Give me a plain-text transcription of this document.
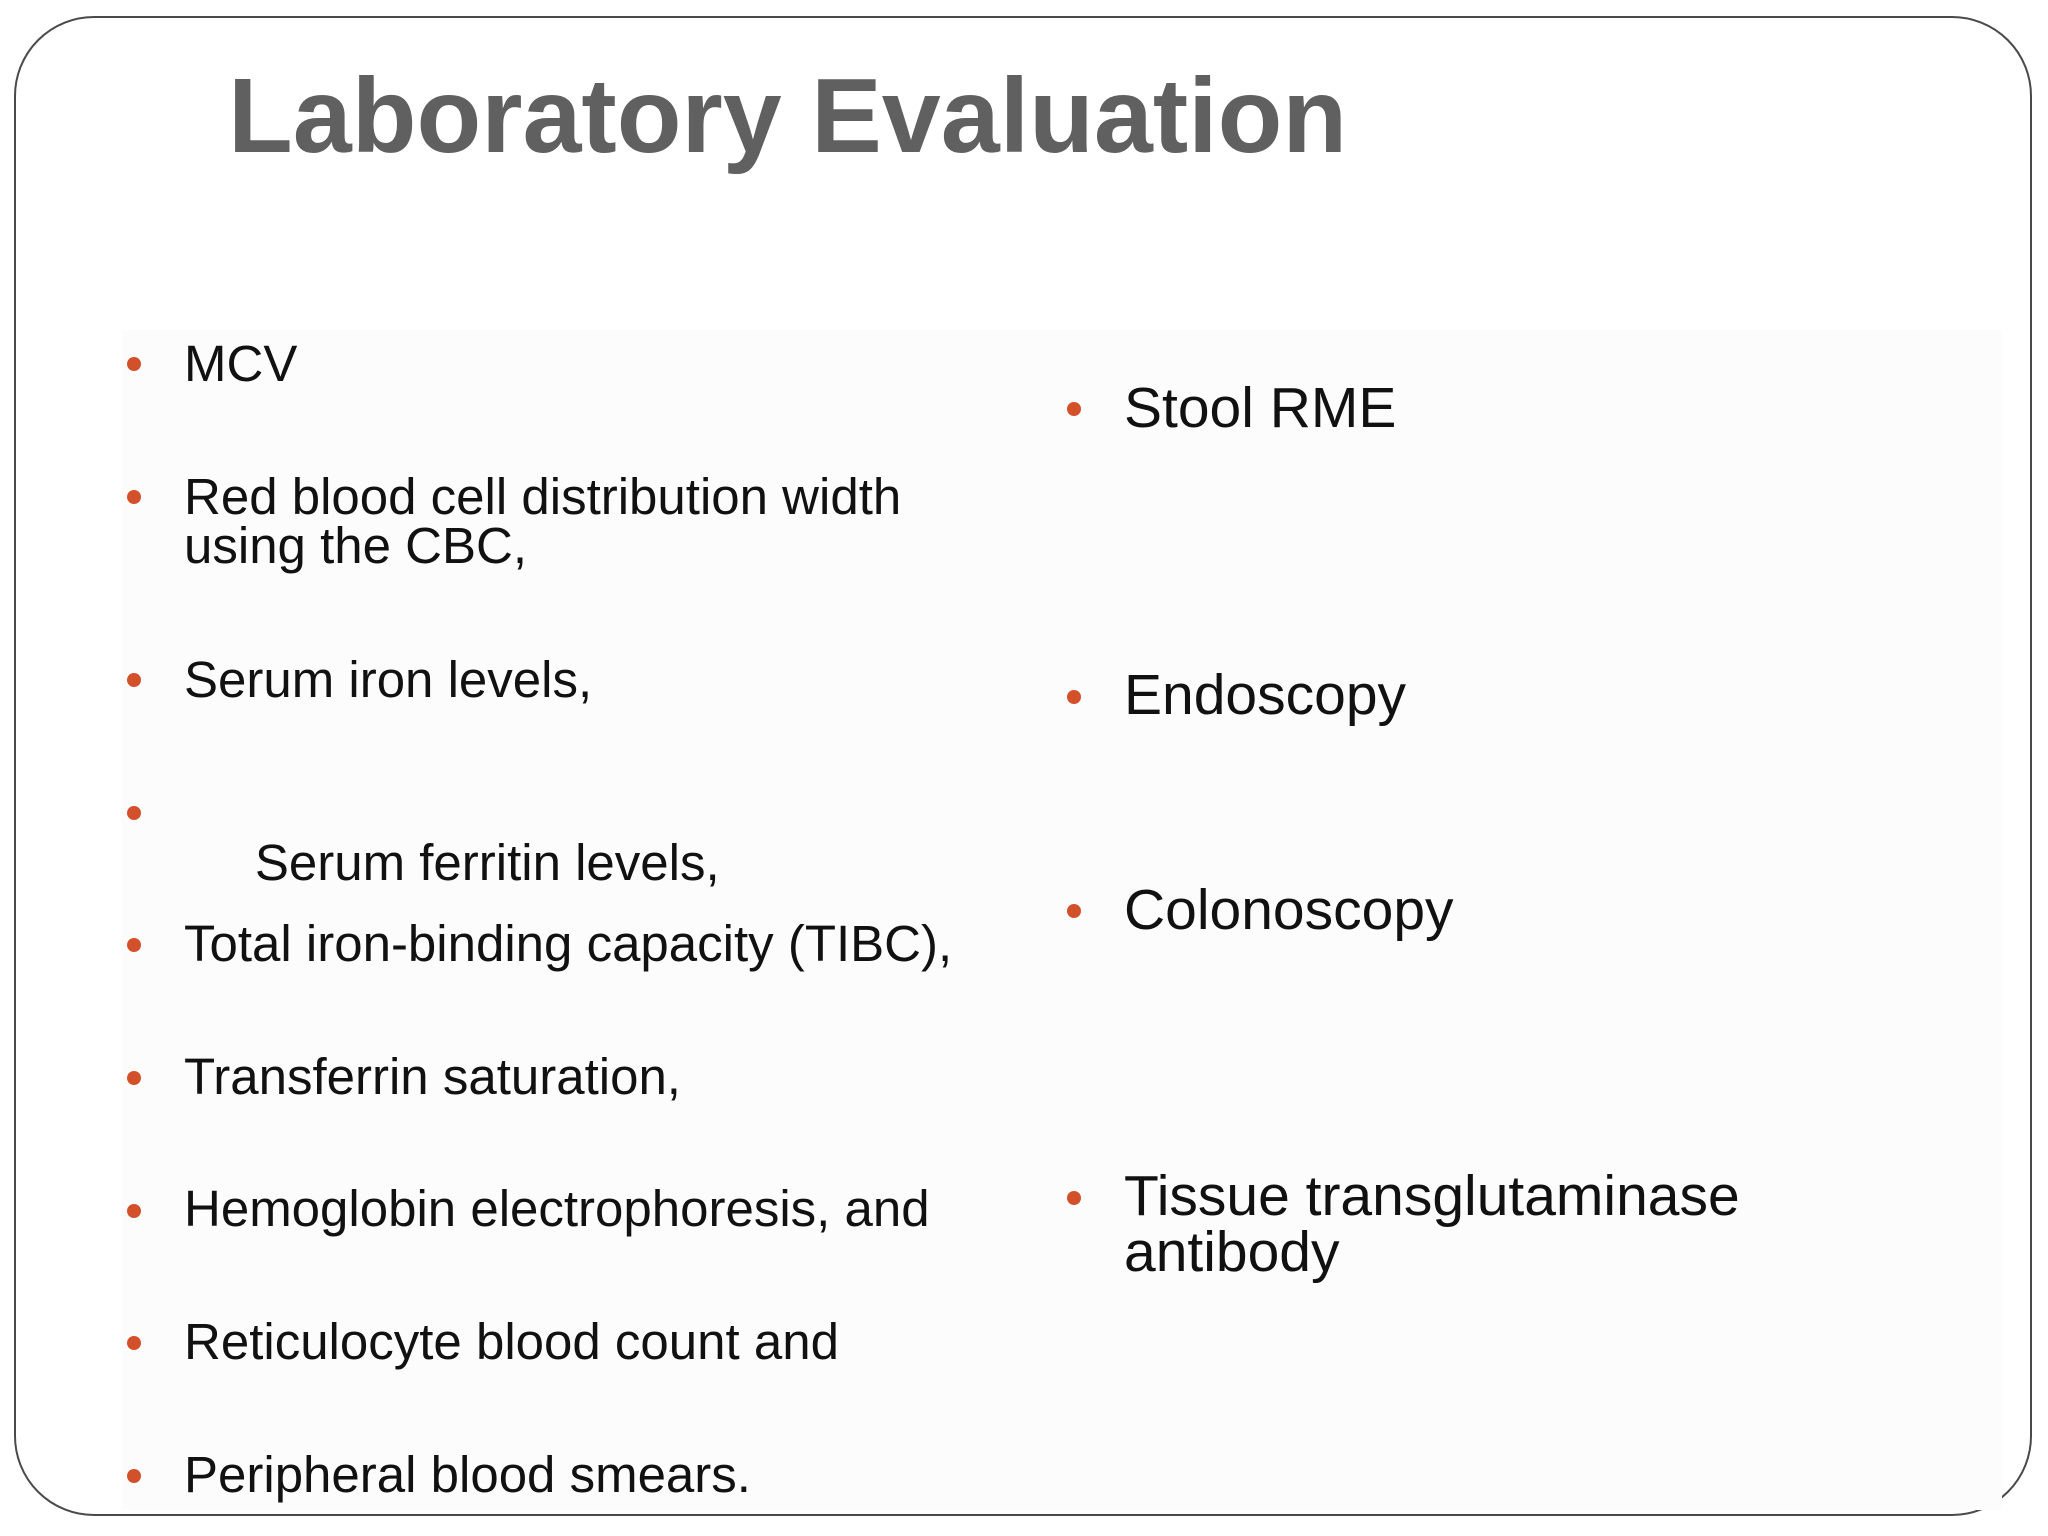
Laboratory Evaluation
MCV
Red blood cell distribution width
using the CBC,
Serum iron levels,

Serum ferritin levels,

Total iron-binding capacity (TIBC),
Transferrin saturation,
Hemoglobin electrophoresis, and
Reticulocyte blood count and
Peripheral blood smears.
Stool RME
Endoscopy
Colonoscopy
Tissue transglutaminase
antibody
